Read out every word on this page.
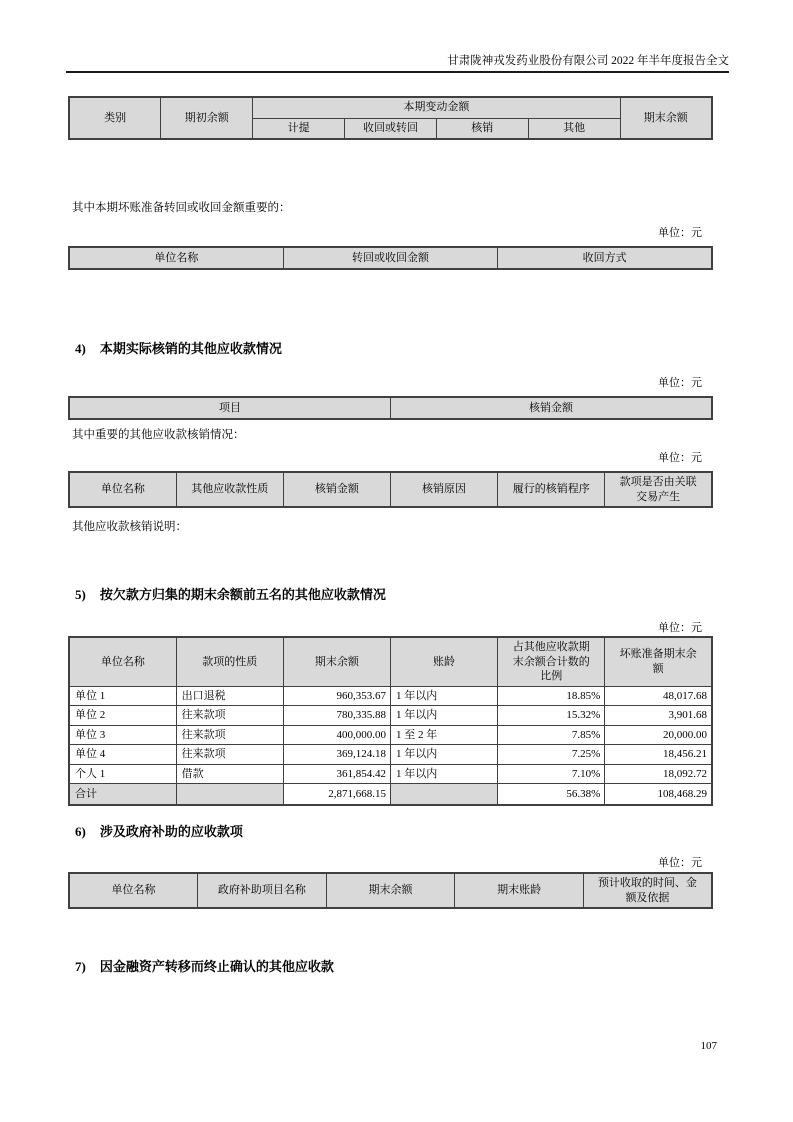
甘肃陇神戎发药业股份有限公司 2022 年半年度报告全文
类别	期初余额	本期变动金额				期末余额
		计提	收回或转回	核销	其他	
其中本期坏账准备转回或收回金额重要的：
单位：元
单位名称	转回或收回金额	收回方式
4) 本期实际核销的其他应收款情况
单位：元
项目	核销金额
其中重要的其他应收款核销情况：
单位：元
单位名称	其他应收款性质	核销金额	核销原因	履行的核销程序	款项是否由关联交易产生
其他应收款核销说明：
5) 按欠款方归集的期末余额前五名的其他应收款情况
单位：元
单位名称	款项的性质	期末余额	账龄	占其他应收款期末余额合计数的比例	坏账准备期末余额
单位 1	出口退税	960,353.67	1 年以内	18.85%	48,017.68
单位 2	往来款项	780,335.88	1 年以内	15.32%	3,901.68
单位 3	往来款项	400,000.00	1 至 2 年	7.85%	20,000.00
单位 4	往来款项	369,124.18	1 年以内	7.25%	18,456.21
个人 1	借款	361,854.42	1 年以内	7.10%	18,092.72
合计		2,871,668.15		56.38%	108,468.29
6) 涉及政府补助的应收款项
单位：元
单位名称	政府补助项目名称	期末余额	期末账龄	预计收取的时间、金额及依据
7) 因金融资产转移而终止确认的其他应收款
107
